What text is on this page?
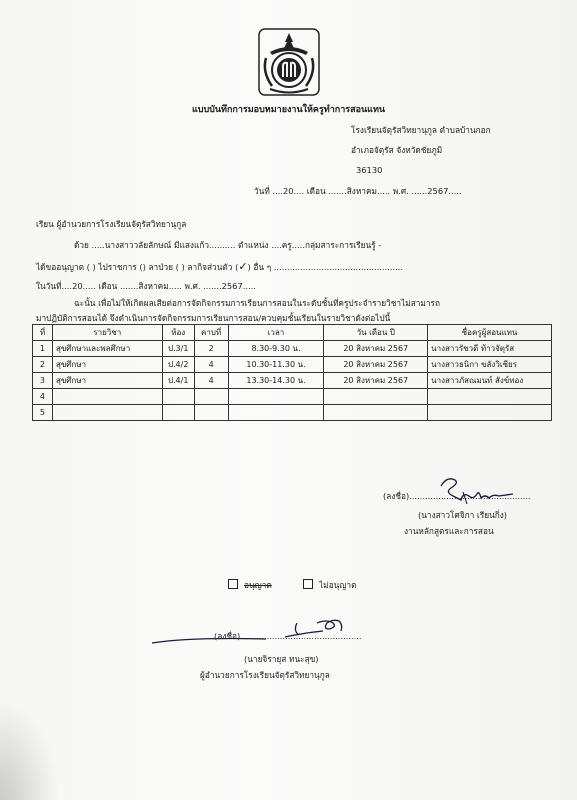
แบบบันทึกการมอบหมายงานให้ครูทำการสอนแทน
โรงเรียนจัตุรัสวิทยานุกูล ตำบลบ้านกอก
อำเภอจัตุรัส จังหวัดชัยภูมิ
36130
วันที่ ....20.... เดือน .......สิงหาคม..... พ.ศ. ......2567.....
เรียน ผู้อำนวยการโรงเรียนจัตุรัสวิทยานุกูล
ด้วย .....นางสาววลัยลักษณ์ มีแสงแก้ว.......... ตำแหน่ง ....ครู.....กลุ่มสาระการเรียนรู้ -
ได้ขออนุญาต ( ) ไปราชการ () ลาป่วย ( ) ลากิจส่วนตัว (✓) อื่น ๆ .................................................
ในวันที่....20..... เดือน .......สิงหาคม..... พ.ศ. .......2567.....
ฉะนั้น เพื่อไม่ให้เกิดผลเสียต่อการจัดกิจกรรมการเรียนการสอนในระดับชั้นที่ครูประจำรายวิชาไม่สามารถ
มาปฏิบัติการสอนได้ จึงดำเนินการจัดกิจกรรมการเรียนการสอน/ควบคุมชั้นเรียนในรายวิชาดังต่อไปนี้
ที่	รายวิชา	ห้อง	คาบที่	เวลา	วัน เดือน ปี	ชื่อครูผู้สอนแทน
1	สุขศึกษาและพลศึกษา	ป.3/1	2	8.30-9.30 น.	20 สิงหาคม 2567	นางสาวรัชวดี ท้าวจัตุรัส
2	สุขศึกษา	ป.4/2	4	10.30-11.30 น.	20 สิงหาคม 2567	นางสาวธนิกา ขลังวิเชียร
3	สุขศึกษา	ป.4/1	4	13.30-14.30 น.	20 สิงหาคม 2567	นางสาวภัสณมนท์ สังข์ทอง
4						
5						
(ลงชื่อ)..............................................
(นางสาวโศจิกา เรียนกิ่ง)
งานหลักสูตรและการสอน
อนุญาต	ไม่อนุญาต
(ลงชื่อ)..............................................
(นายจิรายุส ทนะสุข)
ผู้อำนวยการโรงเรียนจัตุรัสวิทยานุกูล
